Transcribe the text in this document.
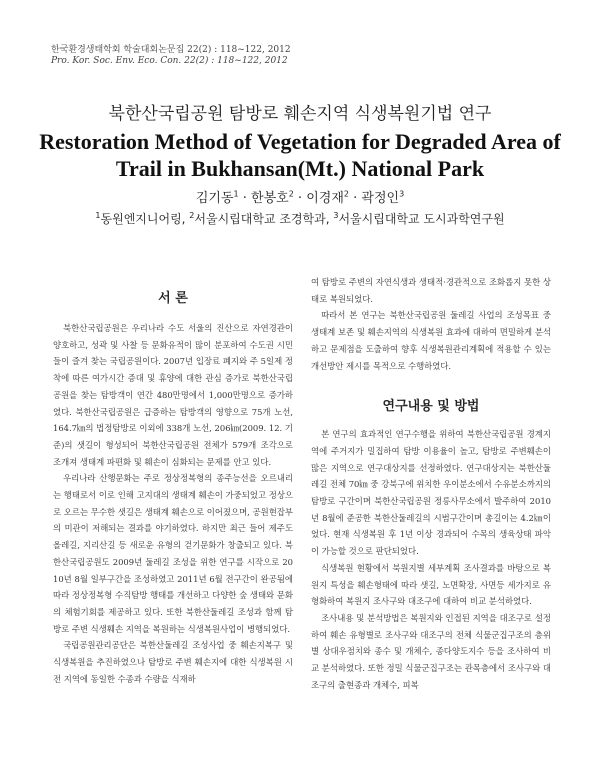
한국환경생태학회 학술대회논문집 22(2) : 118~122, 2012
Pro. Kor. Soc. Env. Eco. Con. 22(2) : 118~122, 2012
북한산국립공원 탐방로 훼손지역 식생복원기법 연구
Restoration Method of Vegetation for Degraded Area of Trail in Bukhansan(Mt.) National Park
김기동$^1$ · 한봉호$^2$ · 이경재$^2$ · 곽정인$^3$
$^1$동원엔지니어링, $^2$서울시립대학교 조경학과, $^3$서울시립대학교 도시과학연구원
서 론

북한산국립공원은 우리나라 수도 서울의 진산으로 자연경관이 양호하고, 성곽 및 사찰 등 문화유적이 많이 분포하여 수도권 시민들이 즐겨 찾는 국립공원이다. 2007년 입장료 폐지와 주 5일제 정착에 따른 여가시간 증대 및 휴양에 대한 관심 증가로 북한산국립공원을 찾는 탐방객이 연간 480만명에서 1,000만명으로 증가하였다. 북한산국립공원은 급증하는 탐방객의 영향으로 75개 노선, 164.7㎞의 법정탐방로 이외에 338개 노선, 206㎞(2009. 12. 기준)의 샛길이 형성되어 북한산국립공원 전체가 579개 조각으로 조개져 생태계 파편화 및 훼손이 심화되는 문제를 안고 있다.

우리나라 산행문화는 주로 정상정복형의 종주능선을 오르내리는 행태로서 이로 인해 고지대의 생태계 훼손이 가중되었고 정상으로 오르는 무수한 샛길은 생태계 훼손으로 이어졌으며, 공원현잡부의 미관이 저해되는 결과를 야기하였다. 하지만 최근 들어 제주도 올레길, 지리산길 등 새로운 유형의 걷기문화가 창출되고 있다. 북한산국립공원도 2009년 둘레길 조성을 위한 연구를 시작으로 2010년 8월 일부구간을 조성하였고 2011년 6월 전구간이 완공됨에 따라 정상정복형 수직탐방 행태를 개선하고 다양한 숲 생태와 문화의 체험기회를 제공하고 있다. 또한 북한산둘레길 조성과 함께 탐방로 주변 식생훼손 지역을 복원하는 식생복원사업이 병행되었다.

국립공원관리공단은 북한산둘레길 조성사업 중 훼손지복구 및 식생복원을 추진하였으나 탐방로 주변 훼손지에 대한 식생복원 시 전 지역에 동일한 수종과 수량을 식재하

여 탐방로 주변의 자연식생과 생태적·경관적으로 조화롭지 못한 상태로 복원되었다.

따라서 본 연구는 북한산국립공원 둘레길 사업의 조성목표 중 생태계 보존 및 훼손지역의 식생복원 효과에 대하여 면밀하게 분석하고 문제점을 도출하여 향후 식생복원관리계획에 적용할 수 있는 개선방안 제시를 목적으로 수행하였다.

연구내용 및 방법

본 연구의 효과적인 연구수행을 위하여 북한산국립공원 경계지역에 주거지가 밀집하여 탐방 이용율이 높고, 탐방로 주변훼손이 많은 지역으로 연구대상지를 선정하였다. 연구대상지는 북한산둘레길 전체 70㎞ 중 강북구에 위치한 우이분소에서 수유분소까지의 탐방로 구간이며 북한산국립공원 정릉사무소에서 발주하여 2010년 8월에 준공한 북한산둘레길의 시범구간이며 총길이는 4.2㎞이었다. 현재 식생복원 후 1년 이상 경과되어 수목의 생육상태 파악이 가능할 것으로 판단되었다.

식생복원 현황에서 북원지별 세부계획 조사결과를 바탕으로 복원지 특성을 훼손형태에 따라 샛길, 노면확장, 사면등 세가지로 유형화하여 복원지 조사구와 대조구에 대하여 비교 분석하였다.

조사내용 및 분석방법은 복원지와 인접된 지역을 대조구로 설정하여 훼손 유형별로 조사구와 대조구의 전체 식물군집구조의 층위별 상대우점치와 종수 및 개체수, 종다양도지수 등을 조사하여 비교 분석하였다. 또한 정밀 식물군집구조는 관목층에서 조사구와 대조구의 출현종과 개체수, 피복
